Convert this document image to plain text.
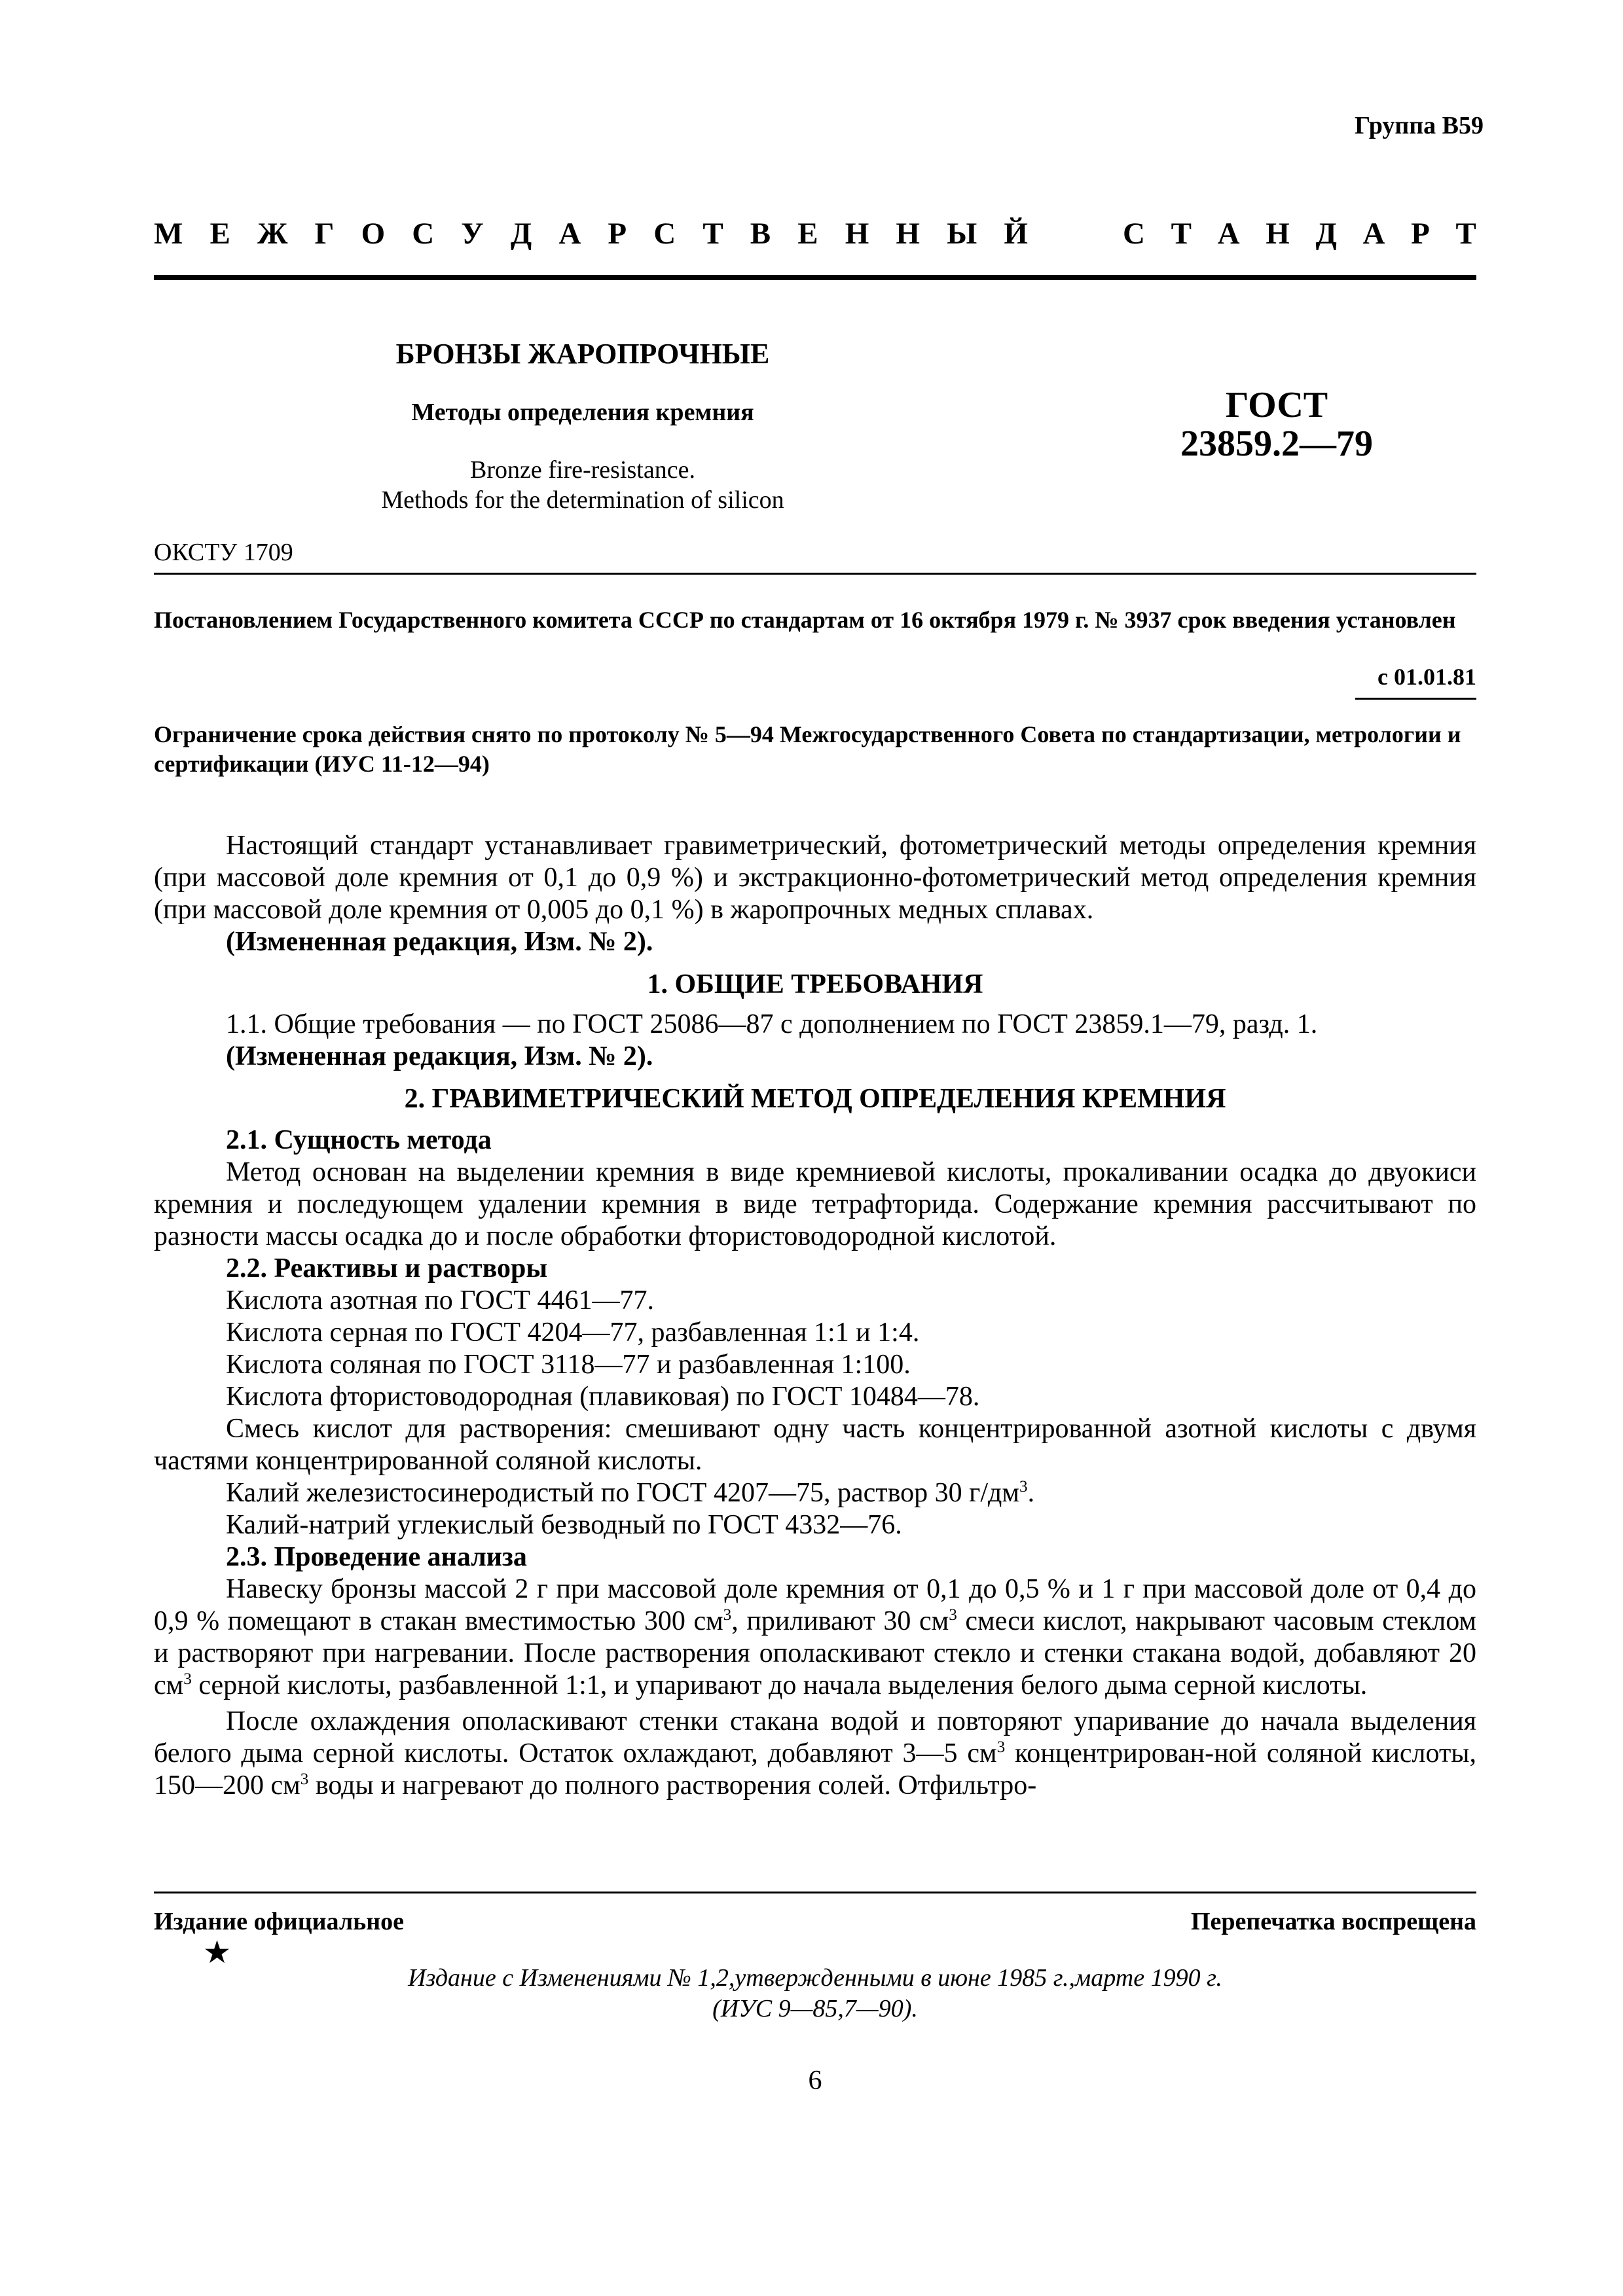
Группа В59
М Е Ж Г О С У Д А Р С Т В Е Н Н Ы Й	С Т А Н Д А Р Т
БРОНЗЫ ЖАРОПРОЧНЫЕ
Методы определения кремния
Bronze fire-resistance.
Methods for the determination of silicon
ГОСТ
23859.2—79
ОКСТУ 1709
Постановлением Государственного комитета СССР по стандартам от 16 октября 1979 г. № 3937 срок введения установлен
с 01.01.81
Ограничение срока действия снято по протоколу № 5—94 Межгосударственного Совета по стандартизации, метрологии и сертификации (ИУС 11-12—94)

Настоящий стандарт устанавливает гравиметрический, фотометрический методы определения кремния (при массовой доле кремния от 0,1 до 0,9 %) и экстракционно-фотометрический метод определения кремния (при массовой доле кремния от 0,005 до 0,1 %) в жаропрочных медных сплавах.

(Измененная редакция, Изм. № 2).

1. ОБЩИЕ ТРЕБОВАНИЯ

1.1. Общие требования — по ГОСТ 25086—87 с дополнением по ГОСТ 23859.1—79, разд. 1.

(Измененная редакция, Изм. № 2).

2. ГРАВИМЕТРИЧЕСКИЙ МЕТОД ОПРЕДЕЛЕНИЯ КРЕМНИЯ

2.1. Сущность метода

Метод основан на выделении кремния в виде кремниевой кислоты, прокаливании осадка до двуокиси кремния и последующем удалении кремния в виде тетрафторида. Содержание кремния рассчитывают по разности массы осадка до и после обработки фтористоводородной кислотой.

2.2. Реактивы и растворы

Кислота азотная по ГОСТ 4461—77.

Кислота серная по ГОСТ 4204—77, разбавленная 1:1 и 1:4.

Кислота соляная по ГОСТ 3118—77 и разбавленная 1:100.

Кислота фтористоводородная (плавиковая) по ГОСТ 10484—78.

Смесь кислот для растворения: смешивают одну часть концентрированной азотной кислоты с двумя частями концентрированной соляной кислоты.

Калий железистосинеродистый по ГОСТ 4207—75, раствор 30 $г/дм^3$.

Калий-натрий углекислый безводный по ГОСТ 4332—76.

2.3. Проведение анализа

Навеску бронзы массой 2 г при массовой доле кремния от 0,1 до 0,5 % и 1 г при массовой доле от 0,4 до 0,9 % помещают в стакан вместимостью 300 $см^3$, приливают 30 $см^3$ смеси кислот, накрывают часовым стеклом и растворяют при нагревании. После растворения ополаскивают стекло и стенки стакана водой, добавляют 20 $см^3$ серной кислоты, разбавленной 1:1, и упаривают до начала выделения белого дыма серной кислоты.

После охлаждения ополаскивают стенки стакана водой и повторяют упаривание до начала выделения белого дыма серной кислоты. Остаток охлаждают, добавляют 3—5 $см^3$ концентрирован-ной соляной кислоты, 150—200 $см^3$ воды и нагревают до полного растворения солей. Отфильтро-

Издание официальное	Перепечатка воспрещена
★
Издание с Изменениями № 1,2,утвержденными в июне 1985 г.,марте 1990 г.
(ИУС 9—85,7—90).
6
